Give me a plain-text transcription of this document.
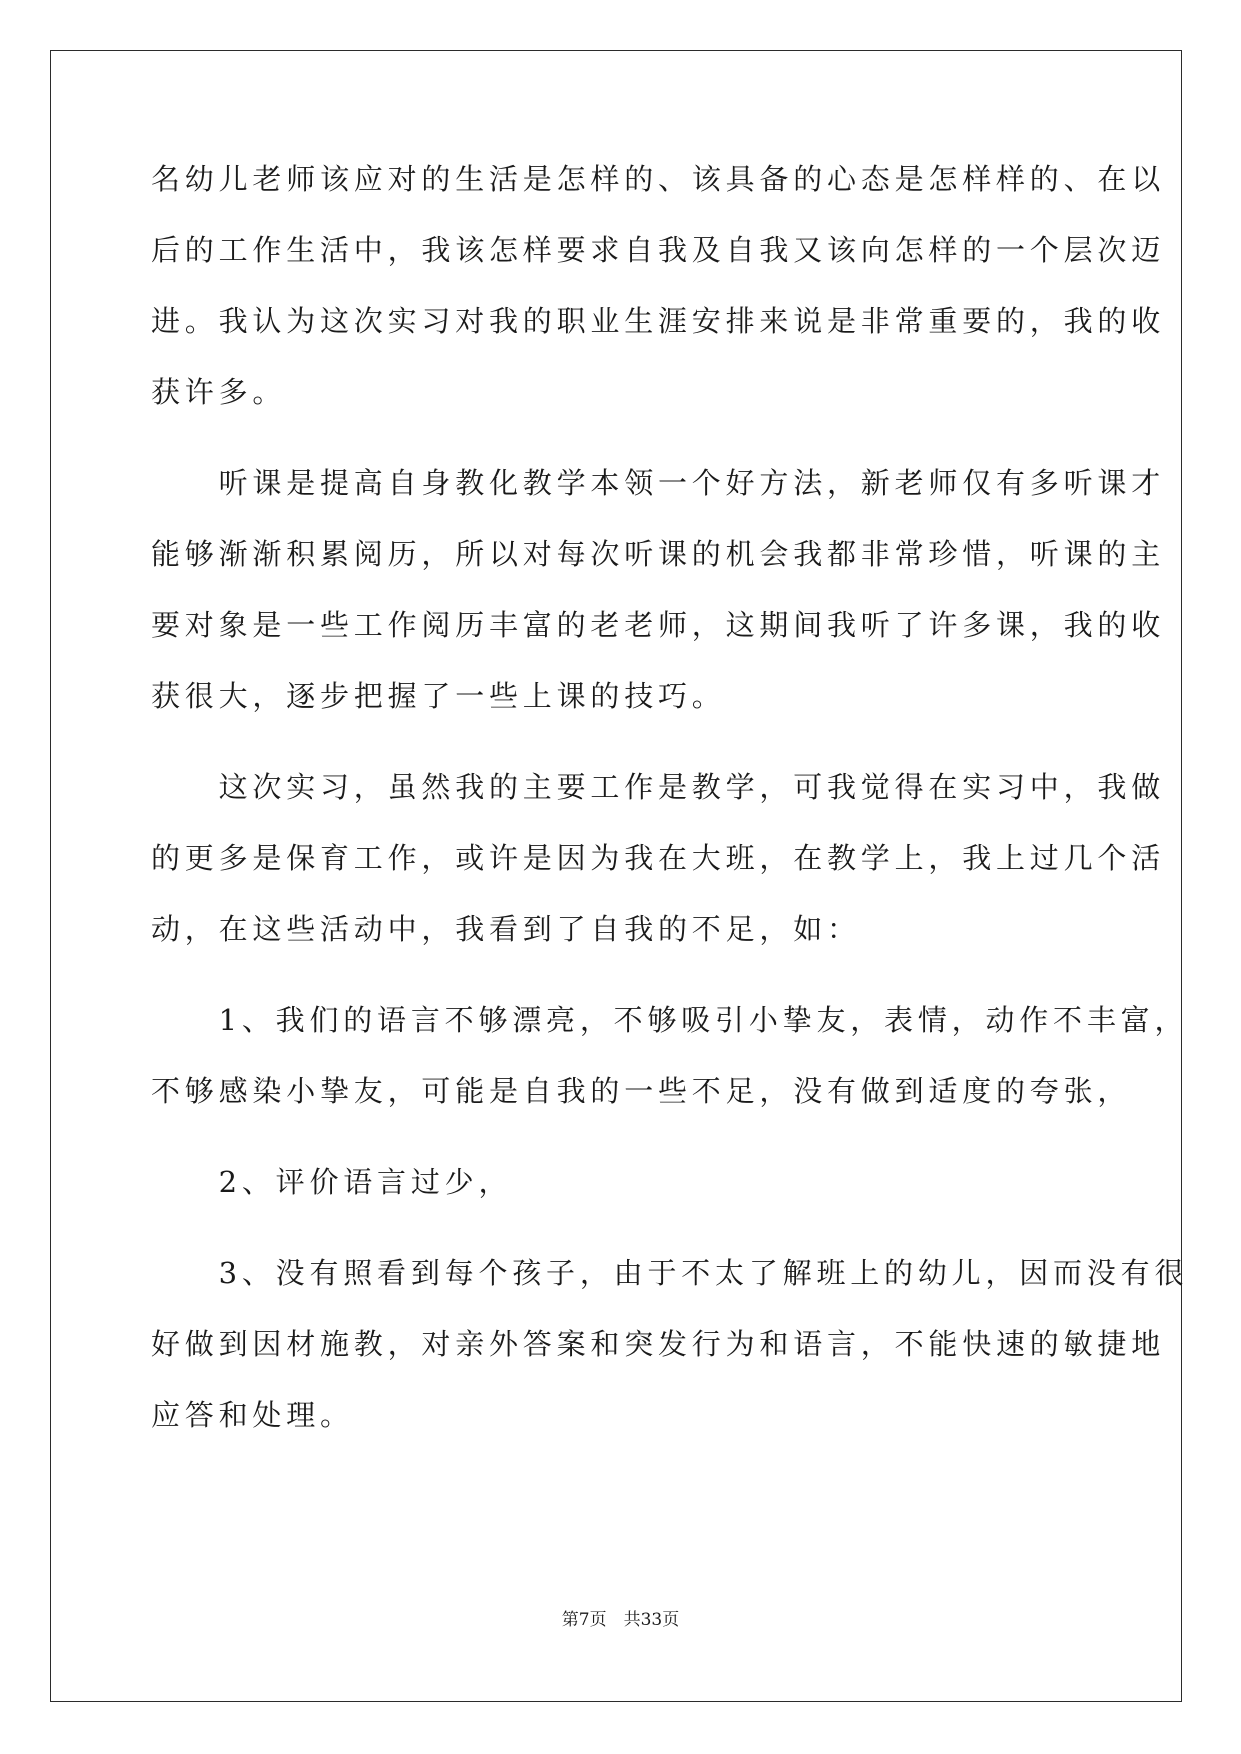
名幼儿老师该应对的生活是怎样的、该具备的心态是怎样样的、在以
后的工作生活中，我该怎样要求自我及自我又该向怎样的一个层次迈
进。我认为这次实习对我的职业生涯安排来说是非常重要的，我的收
获许多。
　　听课是提高自身教化教学本领一个好方法，新老师仅有多听课才
能够渐渐积累阅历，所以对每次听课的机会我都非常珍惜，听课的主
要对象是一些工作阅历丰富的老老师，这期间我听了许多课，我的收
获很大，逐步把握了一些上课的技巧。
　　这次实习，虽然我的主要工作是教学，可我觉得在实习中，我做
的更多是保育工作，或许是因为我在大班，在教学上，我上过几个活
动，在这些活动中，我看到了自我的不足，如：
　　1、我们的语言不够漂亮，不够吸引小挚友，表情，动作不丰富，
不够感染小挚友，可能是自我的一些不足，没有做到适度的夸张，
　　2、评价语言过少，
　　3、没有照看到每个孩子，由于不太了解班上的幼儿，因而没有很
好做到因材施教，对亲外答案和突发行为和语言，不能快速的敏捷地
应答和处理。
第7页　共33页
